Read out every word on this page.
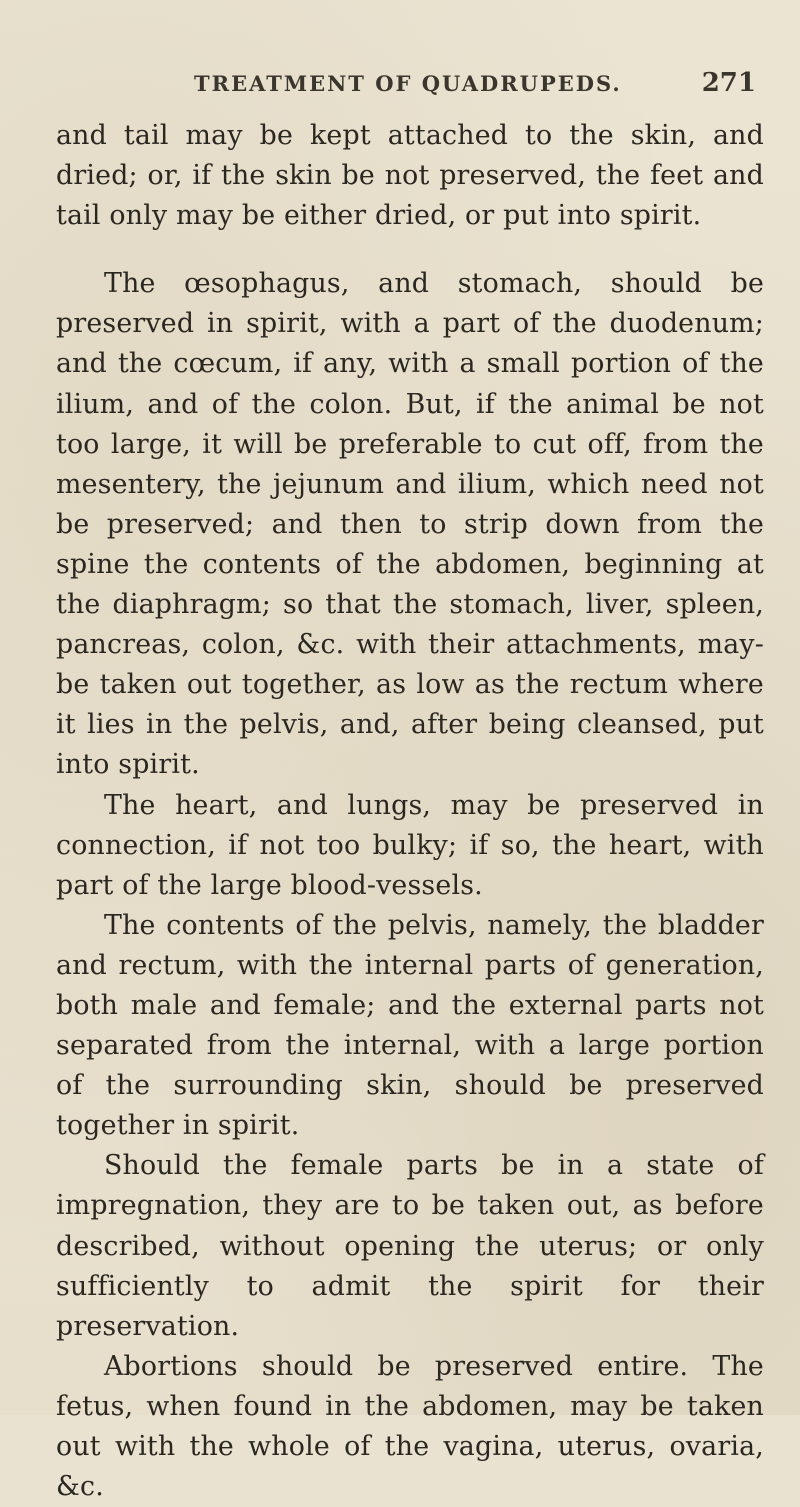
TREATMENT OF QUADRUPEDS.	271

and tail may be kept attached to the skin, and dried; or, if the skin be not preserved, the feet and tail only may be either dried, or put into spirit.

The œsophagus, and stomach, should be preserved in spirit, with a part of the duodenum; and the cœcum, if any, with a small portion of the ilium, and of the colon. But, if the animal be not too large, it will be preferable to cut off, from the mesentery, the jejunum and ilium, which need not be preserved; and then to strip down from the spine the contents of the abdomen, beginning at the diaphragm; so that the stomach, liver, spleen, pancreas, colon, &c. with their attachments, may-be taken out together, as low as the rectum where it lies in the pelvis, and, after being cleansed, put into spirit.

The heart, and lungs, may be preserved in connection, if not too bulky; if so, the heart, with part of the large blood-vessels.

The contents of the pelvis, namely, the bladder and rectum, with the internal parts of generation, both male and female; and the external parts not separated from the internal, with a large portion of the surrounding skin, should be preserved together in spirit.

Should the female parts be in a state of impregnation, they are to be taken out, as before described, without opening the uterus; or only sufficiently to admit the spirit for their preservation.

Abortions should be preserved entire. The fetus, when found in the abdomen, may be taken out with the whole of the vagina, uterus, ovaria, &c.
